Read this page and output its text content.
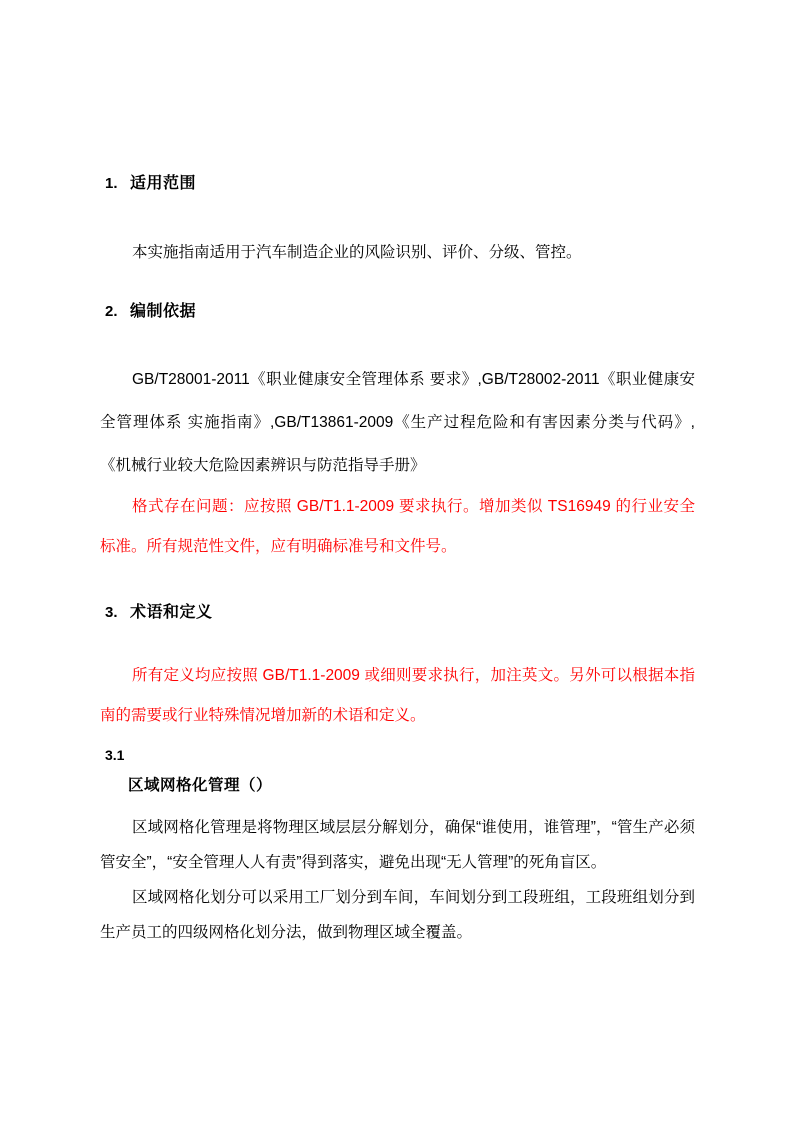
1. 适用范围

本实施指南适用于汽车制造企业的风险识别、评价、分级、管控。

2. 编制依据

GB/T28001-2011《职业健康安全管理体系 要求》,GB/T28002-2011《职业健康安全管理体系 实施指南》,GB/T13861-2009《生产过程危险和有害因素分类与代码》,《机械行业较大危险因素辨识与防范指导手册》

格式存在问题：应按照 GB/T1.1-2009 要求执行。增加类似 TS16949 的行业安全标准。所有规范性文件，应有明确标准号和文件号。

3. 术语和定义

所有定义均应按照 GB/T1.1-2009 或细则要求执行，加注英文。另外可以根据本指南的需要或行业特殊情况增加新的术语和定义。

3.1
区域网格化管理（）

区域网格化管理是将物理区域层层分解划分，确保“谁使用，谁管理”，“管生产必须管安全”，“安全管理人人有责”得到落实，避免出现“无人管理”的死角盲区。

区域网格化划分可以采用工厂划分到车间，车间划分到工段班组，工段班组划分到生产员工的四级网格化划分法，做到物理区域全覆盖。
